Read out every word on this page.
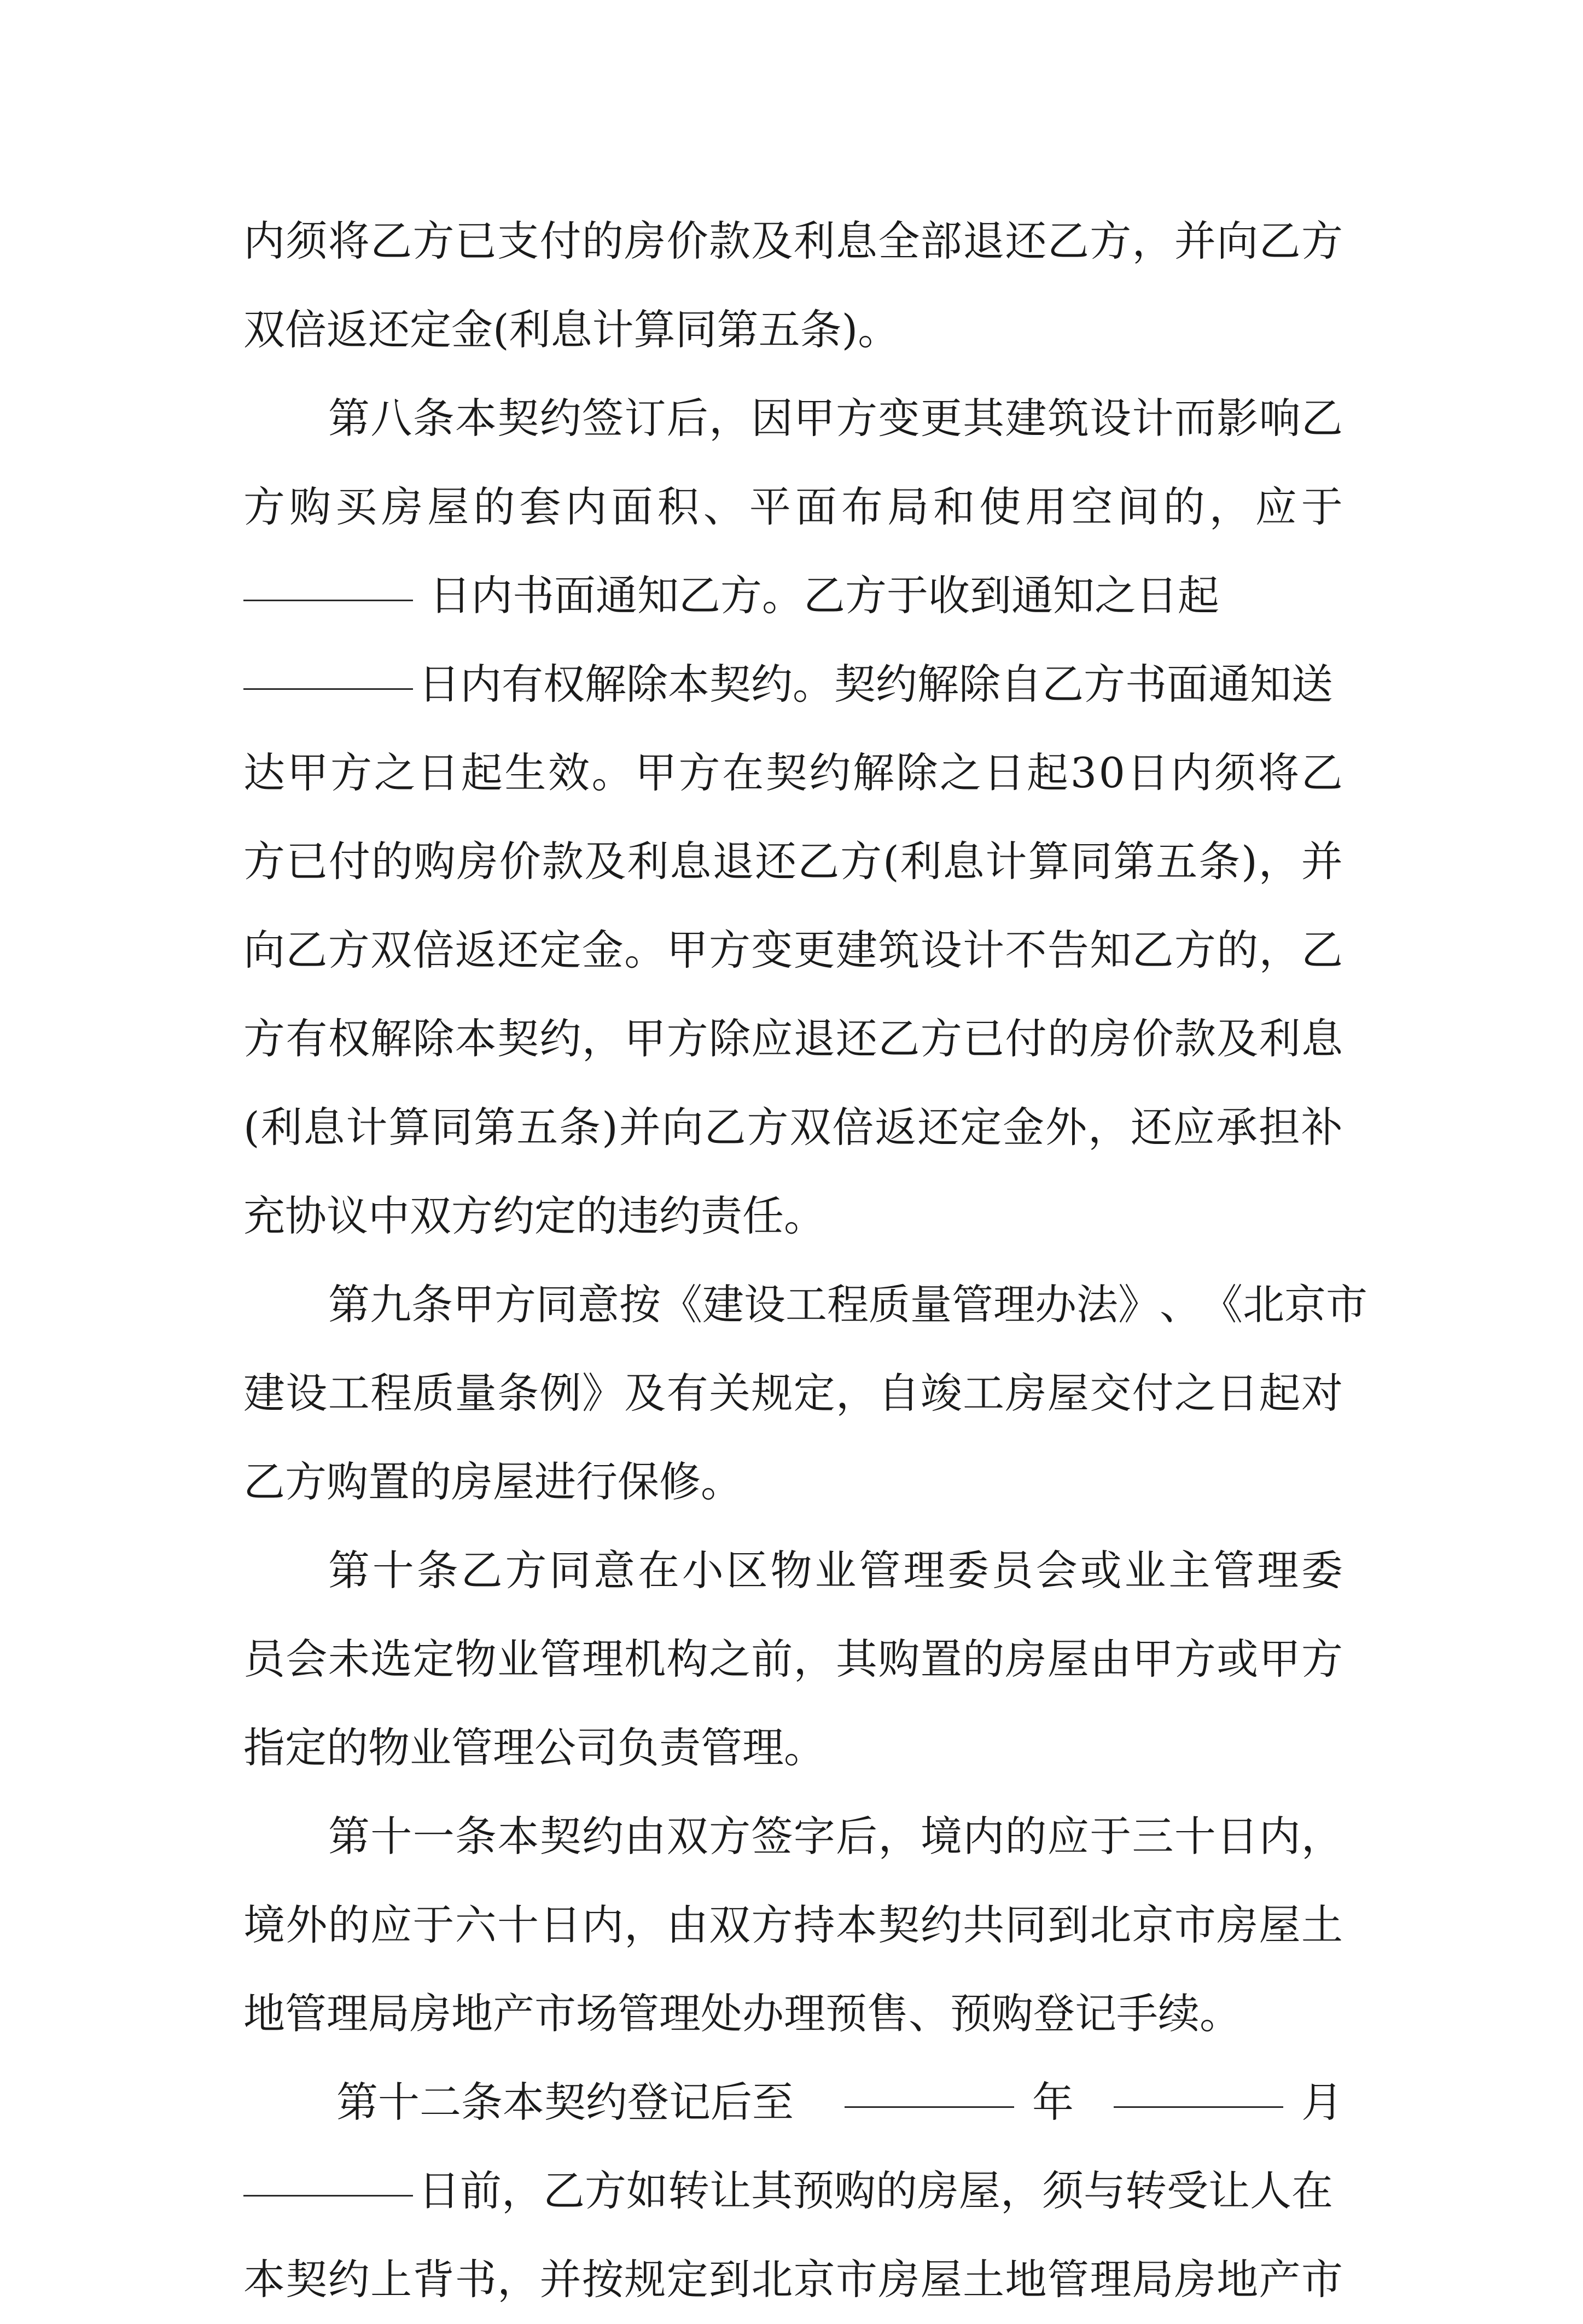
内 须 将 乙 方 已 支 付 的 房 价 款 及 利 息 全 部 退 还 乙 方 ， 并 向 乙 方
双倍返还定金(利息计算同第五条)。
第 八 条 本 契 约 签 订 后 ， 因 甲 方 变 更 其 建 筑 设 计 而 影 响 乙
方 购 买 房 屋 的 套 内 面 积 、 平 面 布 局 和 使 用 空 间 的 ， 应 于
日内书面通知乙方。乙方于收到通知之日起
日内有权解除本契约。契约解除自乙方书面通知送
达 甲 方 之 日 起 生 效 。 甲 方 在 契 约 解 除 之 日 起 3 0 日 内 须 将 乙
方 已 付 的 购 房 价 款 及 利 息 退 还 乙 方 ( 利 息 计 算 同 第 五 条 ) ， 并
向 乙 方 双 倍 返 还 定 金 。 甲 方 变 更 建 筑 设 计 不 告 知 乙 方 的 ， 乙
方 有 权 解 除 本 契 约 ， 甲 方 除 应 退 还 乙 方 已 付 的 房 价 款 及 利 息
( 利 息 计 算 同 第 五 条 ) 并 向 乙 方 双 倍 返 还 定 金 外 ， 还 应 承 担 补
充协议中双方约定的违约责任。
第 九 条 甲 方 同 意 按 《 建 设 工 程 质 量 管 理 办 法 》 、 《 北 京 市
建 设 工 程 质 量 条 例 》 及 有 关 规 定 ， 自 竣 工 房 屋 交 付 之 日 起 对
乙方购置的房屋进行保修。
第 十 条 乙 方 同 意 在 小 区 物 业 管 理 委 员 会 或 业 主 管 理 委
员 会 未 选 定 物 业 管 理 机 构 之 前 ， 其 购 置 的 房 屋 由 甲 方 或 甲 方
指定的物业管理公司负责管理。
第 十 一 条 本 契 约 由 双 方 签 字 后 ， 境 内 的 应 于 三 十 日 内 ，
境 外 的 应 于 六 十 日 内 ， 由 双 方 持 本 契 约 共 同 到 北 京 市 房 屋 土
地管理局房地产市场管理处办理预售、预购登记手续。
第十二条本契约登记后至	年	月
日前，乙方如转让其预购的房屋，须与转受让人在
本 契 约 上 背 书 ， 并 按 规 定 到 北 京 市 房 屋 土 地 管 理 局 房 地 产 市
